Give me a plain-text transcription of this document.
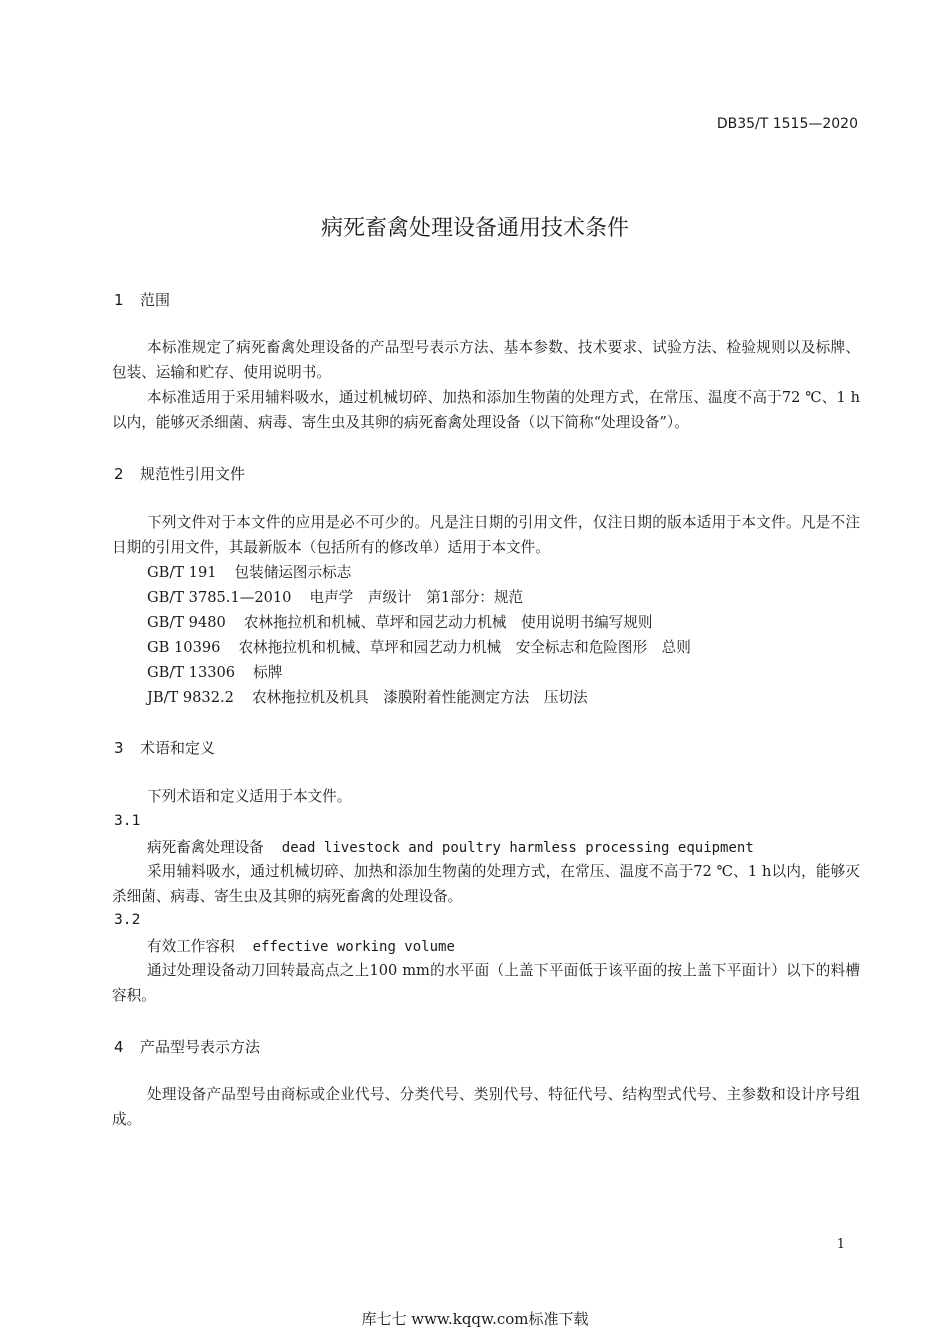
DB35/T 1515—2020
病死畜禽处理设备通用技术条件
1 范围
本标准规定了病死畜禽处理设备的产品型号表示方法、基本参数、技术要求、试验方法、检验规则以及标牌、包装、运输和贮存、使用说明书。
本标准适用于采用辅料吸水，通过机械切碎、加热和添加生物菌的处理方式，在常压、温度不高于72 ℃、1 h以内，能够灭杀细菌、病毒、寄生虫及其卵的病死畜禽处理设备（以下简称“处理设备”）。
2 规范性引用文件
下列文件对于本文件的应用是必不可少的。凡是注日期的引用文件，仅注日期的版本适用于本文件。凡是不注日期的引用文件，其最新版本（包括所有的修改单）适用于本文件。
GB/T 191 包装储运图示标志
GB/T 3785.1—2010 电声学　声级计　第1部分：规范
GB/T 9480 农林拖拉机和机械、草坪和园艺动力机械　使用说明书编写规则
GB 10396 农林拖拉机和机械、草坪和园艺动力机械　安全标志和危险图形　总则
GB/T 13306 标牌
JB/T 9832.2 农林拖拉机及机具　漆膜附着性能测定方法　压切法
3 术语和定义
下列术语和定义适用于本文件。
3.1
病死畜禽处理设备 dead livestock and poultry harmless processing equipment
采用辅料吸水，通过机械切碎、加热和添加生物菌的处理方式，在常压、温度不高于72 ℃、1 h以内，能够灭杀细菌、病毒、寄生虫及其卵的病死畜禽的处理设备。
3.2
有效工作容积 effective working volume
通过处理设备动刀回转最高点之上100 mm的水平面（上盖下平面低于该平面的按上盖下平面计）以下的料槽容积。
4 产品型号表示方法
处理设备产品型号由商标或企业代号、分类代号、类别代号、特征代号、结构型式代号、主参数和设计序号组成。
1
库七七 www.kqqw.com标准下载
